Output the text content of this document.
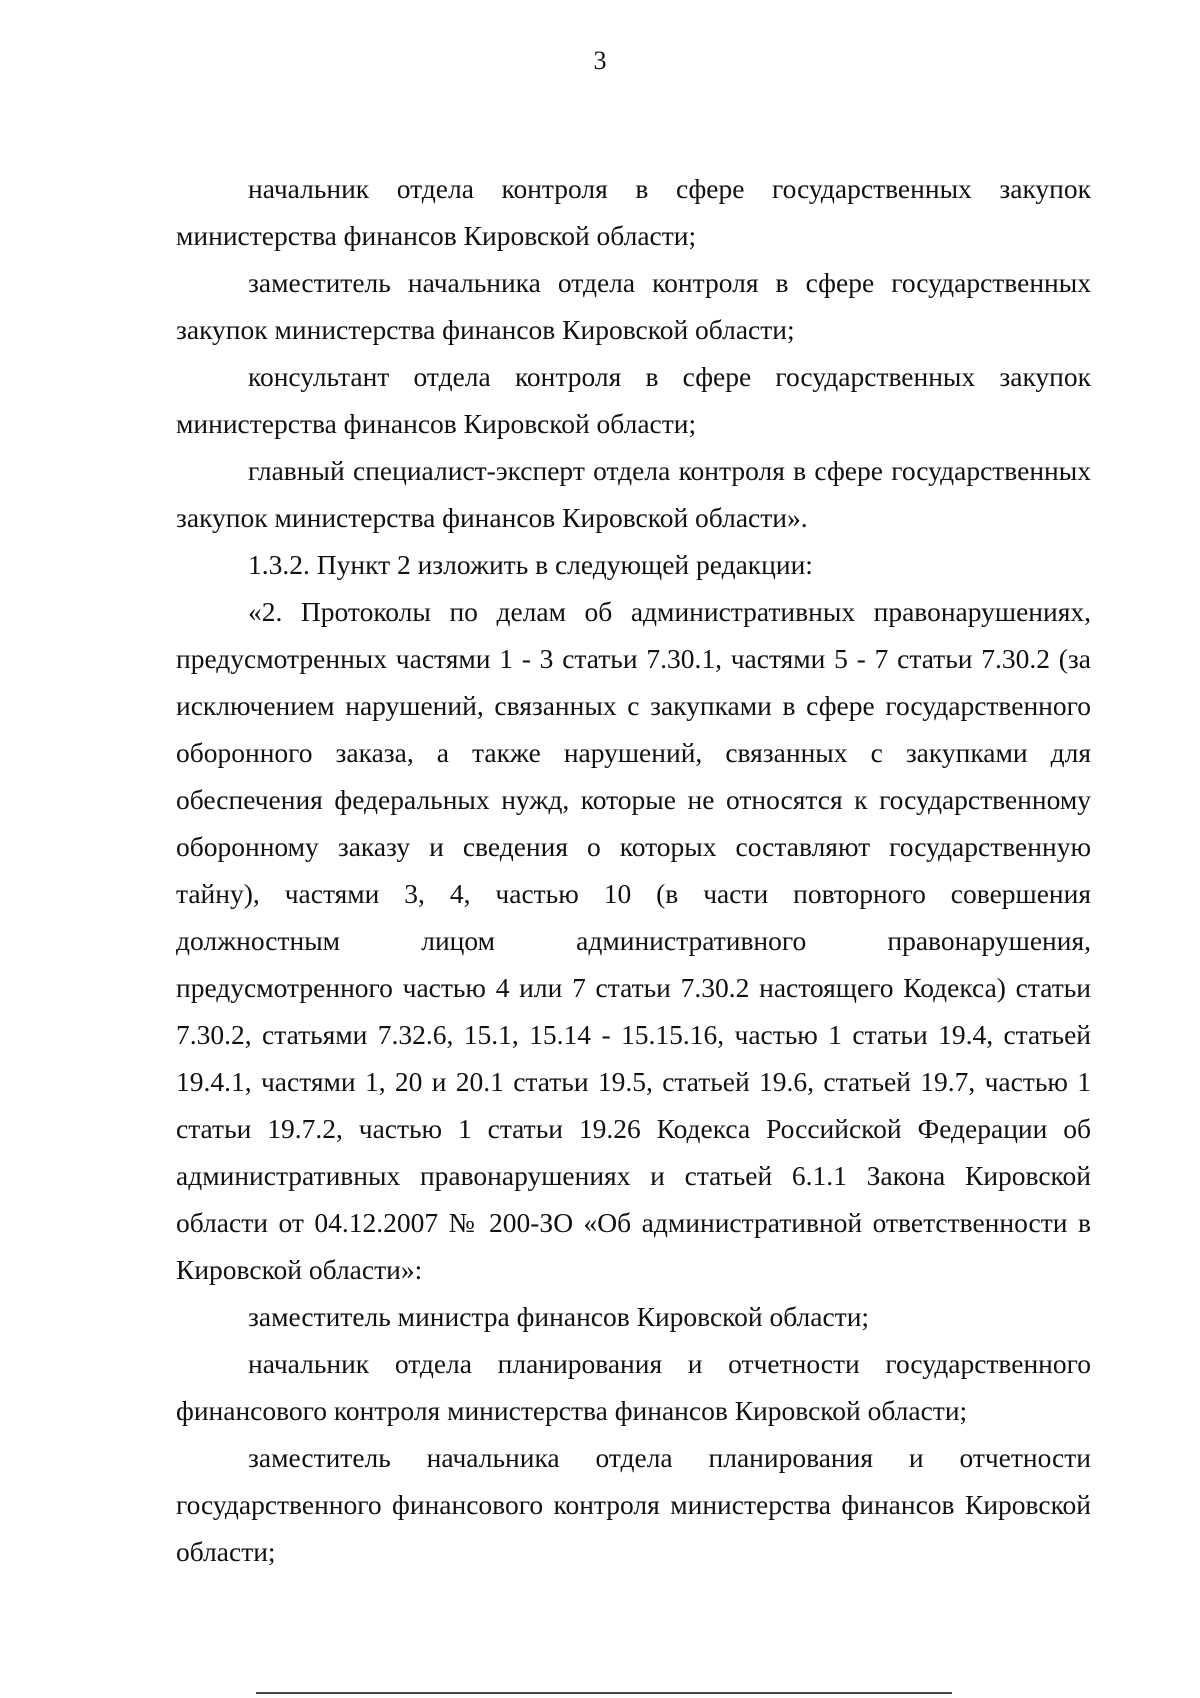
3

начальник отдела контроля в сфере государственных закупок министерства финансов Кировской области;

заместитель начальника отдела контроля в сфере государственных закупок министерства финансов Кировской области;

консультант отдела контроля в сфере государственных закупок министерства финансов Кировской области;

главный специалист-эксперт отдела контроля в сфере государственных закупок министерства финансов Кировской области».

1.3.2. Пункт 2 изложить в следующей редакции:

«2. Протоколы по делам об административных правонарушениях, предусмотренных частями 1 - 3 статьи 7.30.1, частями 5 - 7 статьи 7.30.2 (за исключением нарушений, связанных с закупками в сфере государственного оборонного заказа, а также нарушений, связанных с закупками для обеспечения федеральных нужд, которые не относятся к государственному оборонному заказу и сведения о которых составляют государственную тайну), частями 3, 4, частью 10 (в части повторного совершения должностным лицом административного правонарушения, предусмотренного частью 4 или 7 статьи 7.30.2 настоящего Кодекса) статьи 7.30.2, статьями 7.32.6, 15.1, 15.14 - 15.15.16, частью 1 статьи 19.4, статьей 19.4.1, частями 1, 20 и 20.1 статьи 19.5, статьей 19.6, статьей 19.7, частью 1 статьи 19.7.2, частью 1 статьи 19.26 Кодекса Российской Федерации об административных правонарушениях и статьей 6.1.1 Закона Кировской области от 04.12.2007 № 200-ЗО «Об административной ответственности в Кировской области»:

заместитель министра финансов Кировской области;

начальник отдела планирования и отчетности государственного финансового контроля министерства финансов Кировской области;

заместитель начальника отдела планирования и отчетности государственного финансового контроля министерства финансов Кировской области;
